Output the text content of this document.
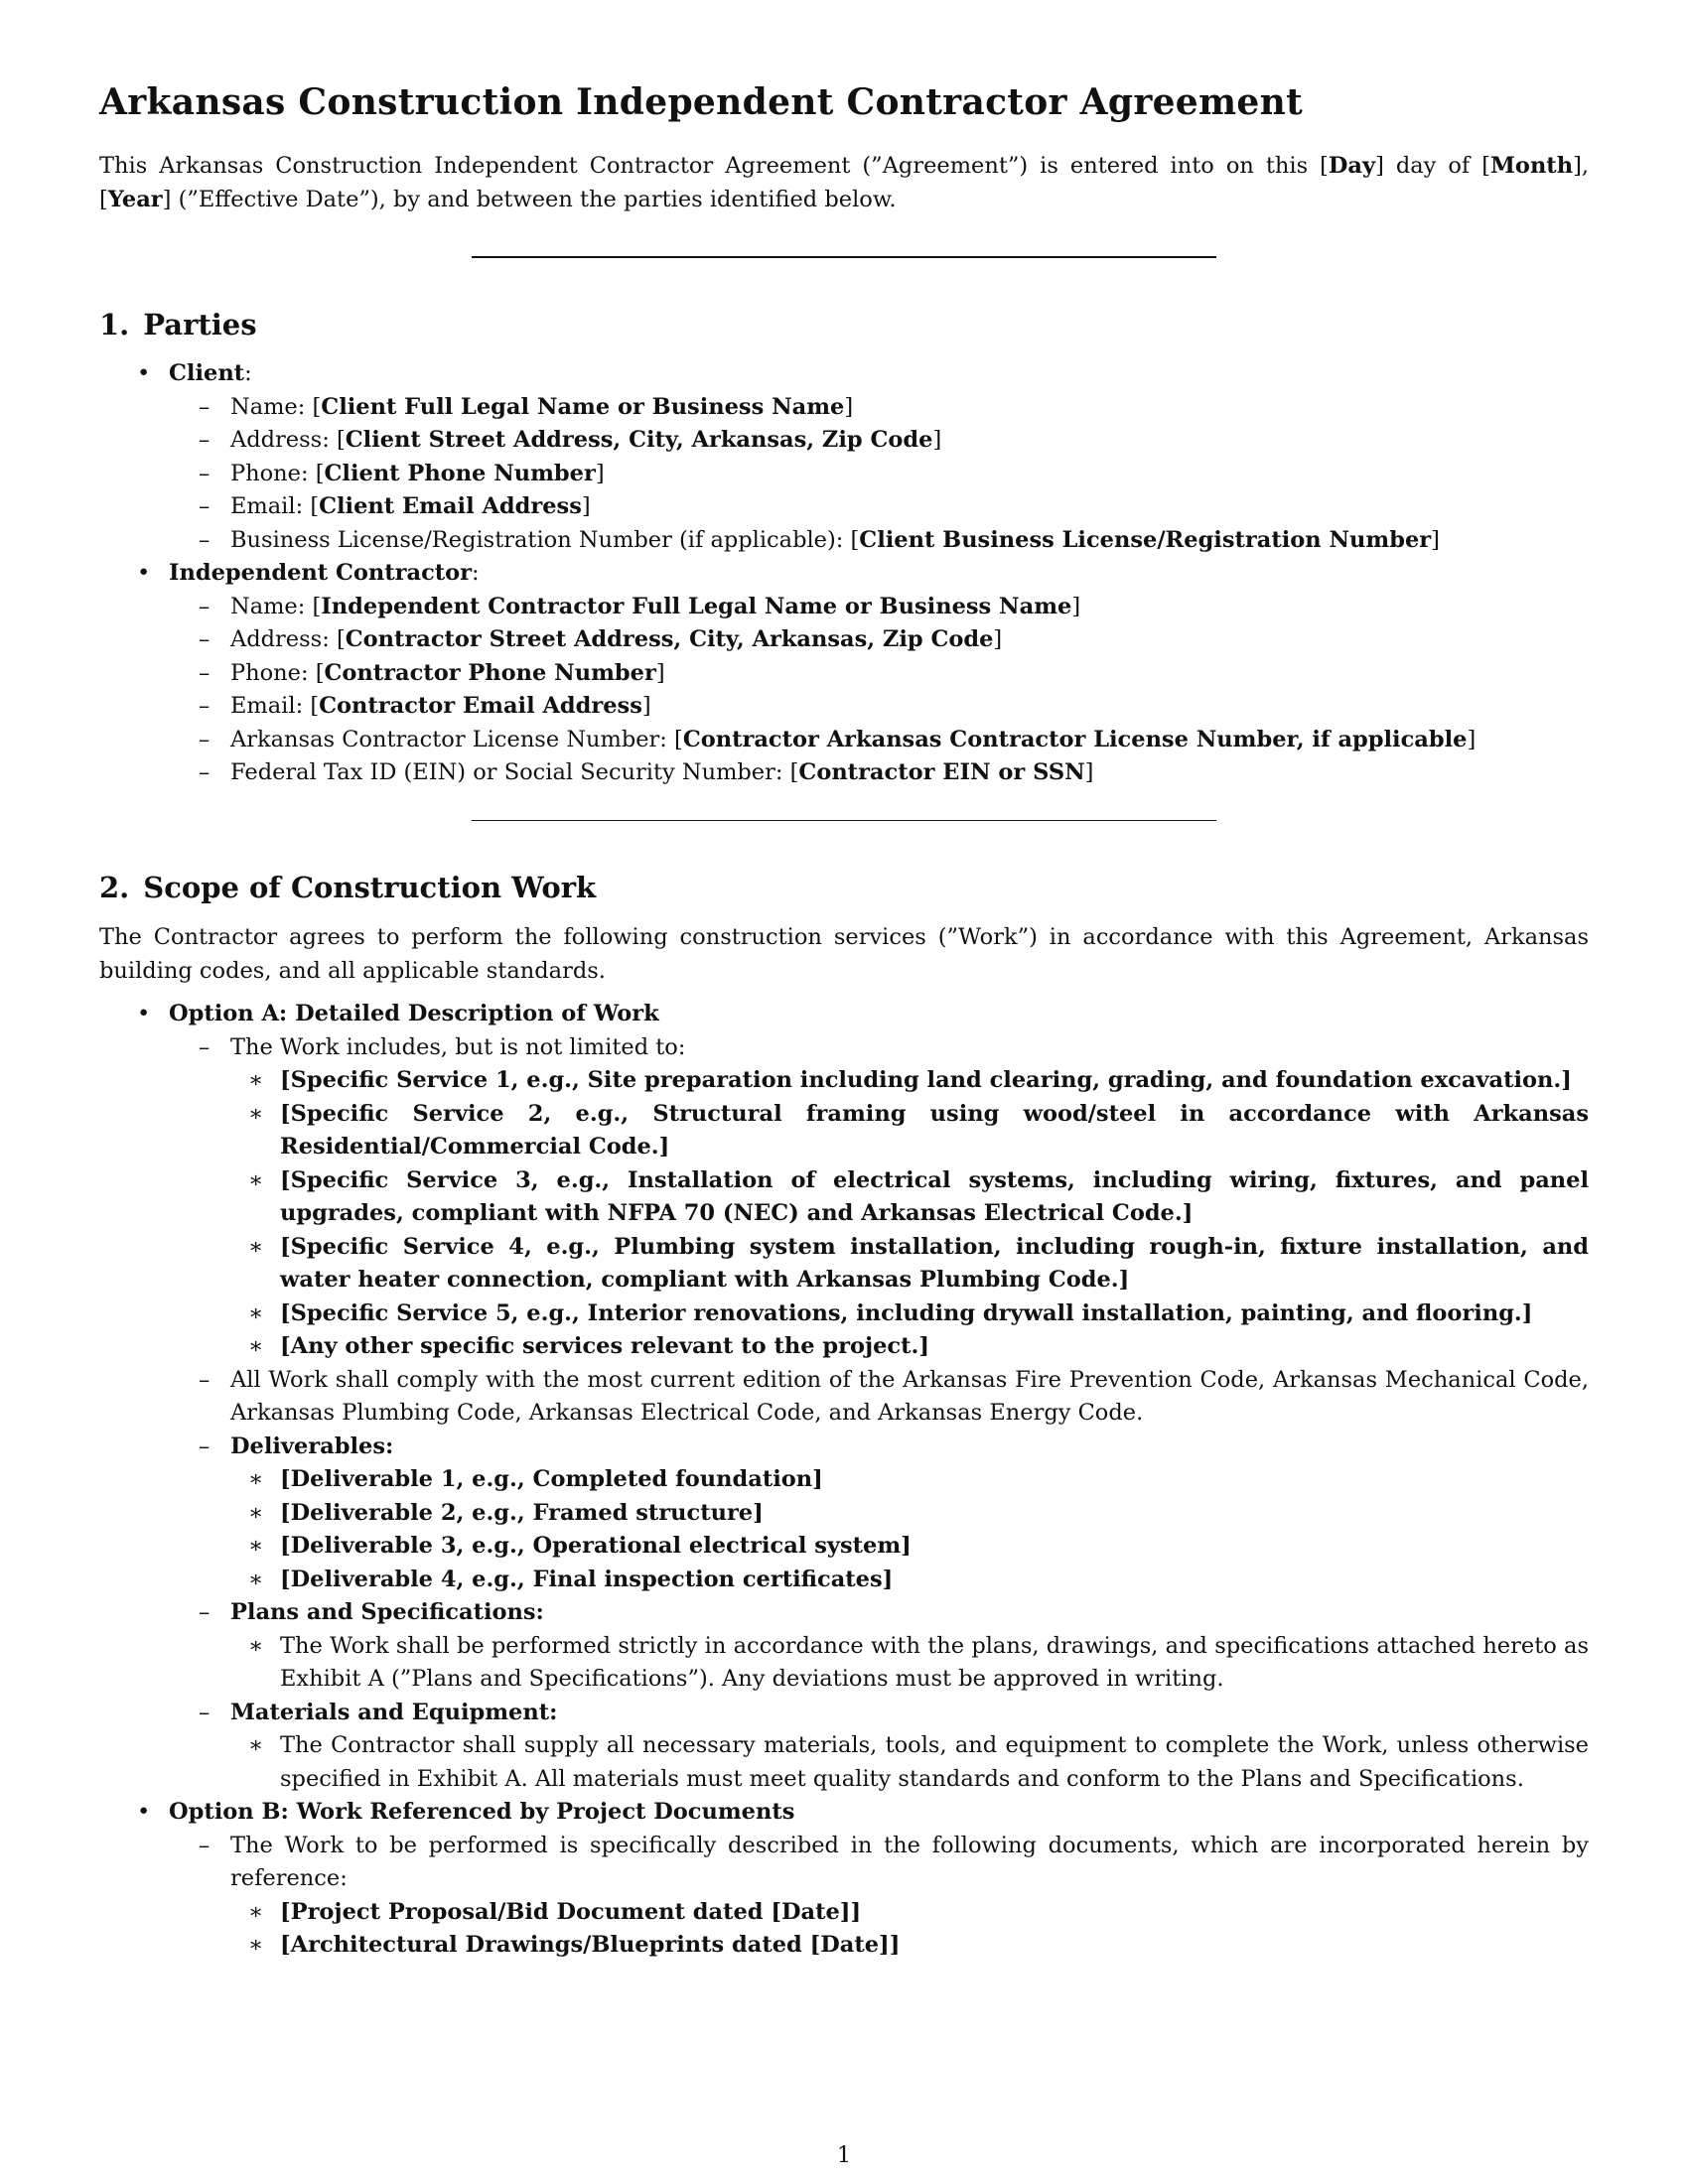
Arkansas Construction Independent Contractor Agreement

This Arkansas Construction Independent Contractor Agreement (”Agreement”) is entered into on this [Day] day of [Month], [Year] (”Effective Date”), by and between the parties identified below.

1. Parties
• Client:
– Name: [Client Full Legal Name or Business Name]
– Address: [Client Street Address, City, Arkansas, Zip Code]
– Phone: [Client Phone Number]
– Email: [Client Email Address]
– Business License/Registration Number (if applicable): [Client Business License/Registration Number]
• Independent Contractor:
– Name: [Independent Contractor Full Legal Name or Business Name]
– Address: [Contractor Street Address, City, Arkansas, Zip Code]
– Phone: [Contractor Phone Number]
– Email: [Contractor Email Address]
– Arkansas Contractor License Number: [Contractor Arkansas Contractor License Number, if applicable]
– Federal Tax ID (EIN) or Social Security Number: [Contractor EIN or SSN]
2. Scope of Construction Work

The Contractor agrees to perform the following construction services (”Work”) in accordance with this Agreement, Arkansas building codes, and all applicable standards.

• Option A: Detailed Description of Work
– The Work includes, but is not limited to:
∗ [Specific Service 1, e.g., Site preparation including land clearing, grading, and foundation excavation.]
∗ [Specific Service 2, e.g., Structural framing using wood/steel in accordance with Arkansas Residential/Commercial Code.]
∗ [Specific Service 3, e.g., Installation of electrical systems, including wiring, fixtures, and panel upgrades, compliant with NFPA 70 (NEC) and Arkansas Electrical Code.]
∗ [Specific Service 4, e.g., Plumbing system installation, including rough-in, fixture installation, and water heater connection, compliant with Arkansas Plumbing Code.]
∗ [Specific Service 5, e.g., Interior renovations, including drywall installation, painting, and flooring.]
∗ [Any other specific services relevant to the project.]
– All Work shall comply with the most current edition of the Arkansas Fire Prevention Code, Arkansas Mechanical Code, Arkansas Plumbing Code, Arkansas Electrical Code, and Arkansas Energy Code.
– Deliverables:
∗ [Deliverable 1, e.g., Completed foundation]
∗ [Deliverable 2, e.g., Framed structure]
∗ [Deliverable 3, e.g., Operational electrical system]
∗ [Deliverable 4, e.g., Final inspection certificates]
– Plans and Specifications:
∗ The Work shall be performed strictly in accordance with the plans, drawings, and specifications attached hereto as Exhibit A (”Plans and Specifications”). Any deviations must be approved in writing.
– Materials and Equipment:
∗ The Contractor shall supply all necessary materials, tools, and equipment to complete the Work, unless otherwise specified in Exhibit A. All materials must meet quality standards and conform to the Plans and Specifications.
• Option B: Work Referenced by Project Documents
– The Work to be performed is specifically described in the following documents, which are incorporated herein by reference:
∗ [Project Proposal/Bid Document dated [Date]]
∗ [Architectural Drawings/Blueprints dated [Date]]
1
